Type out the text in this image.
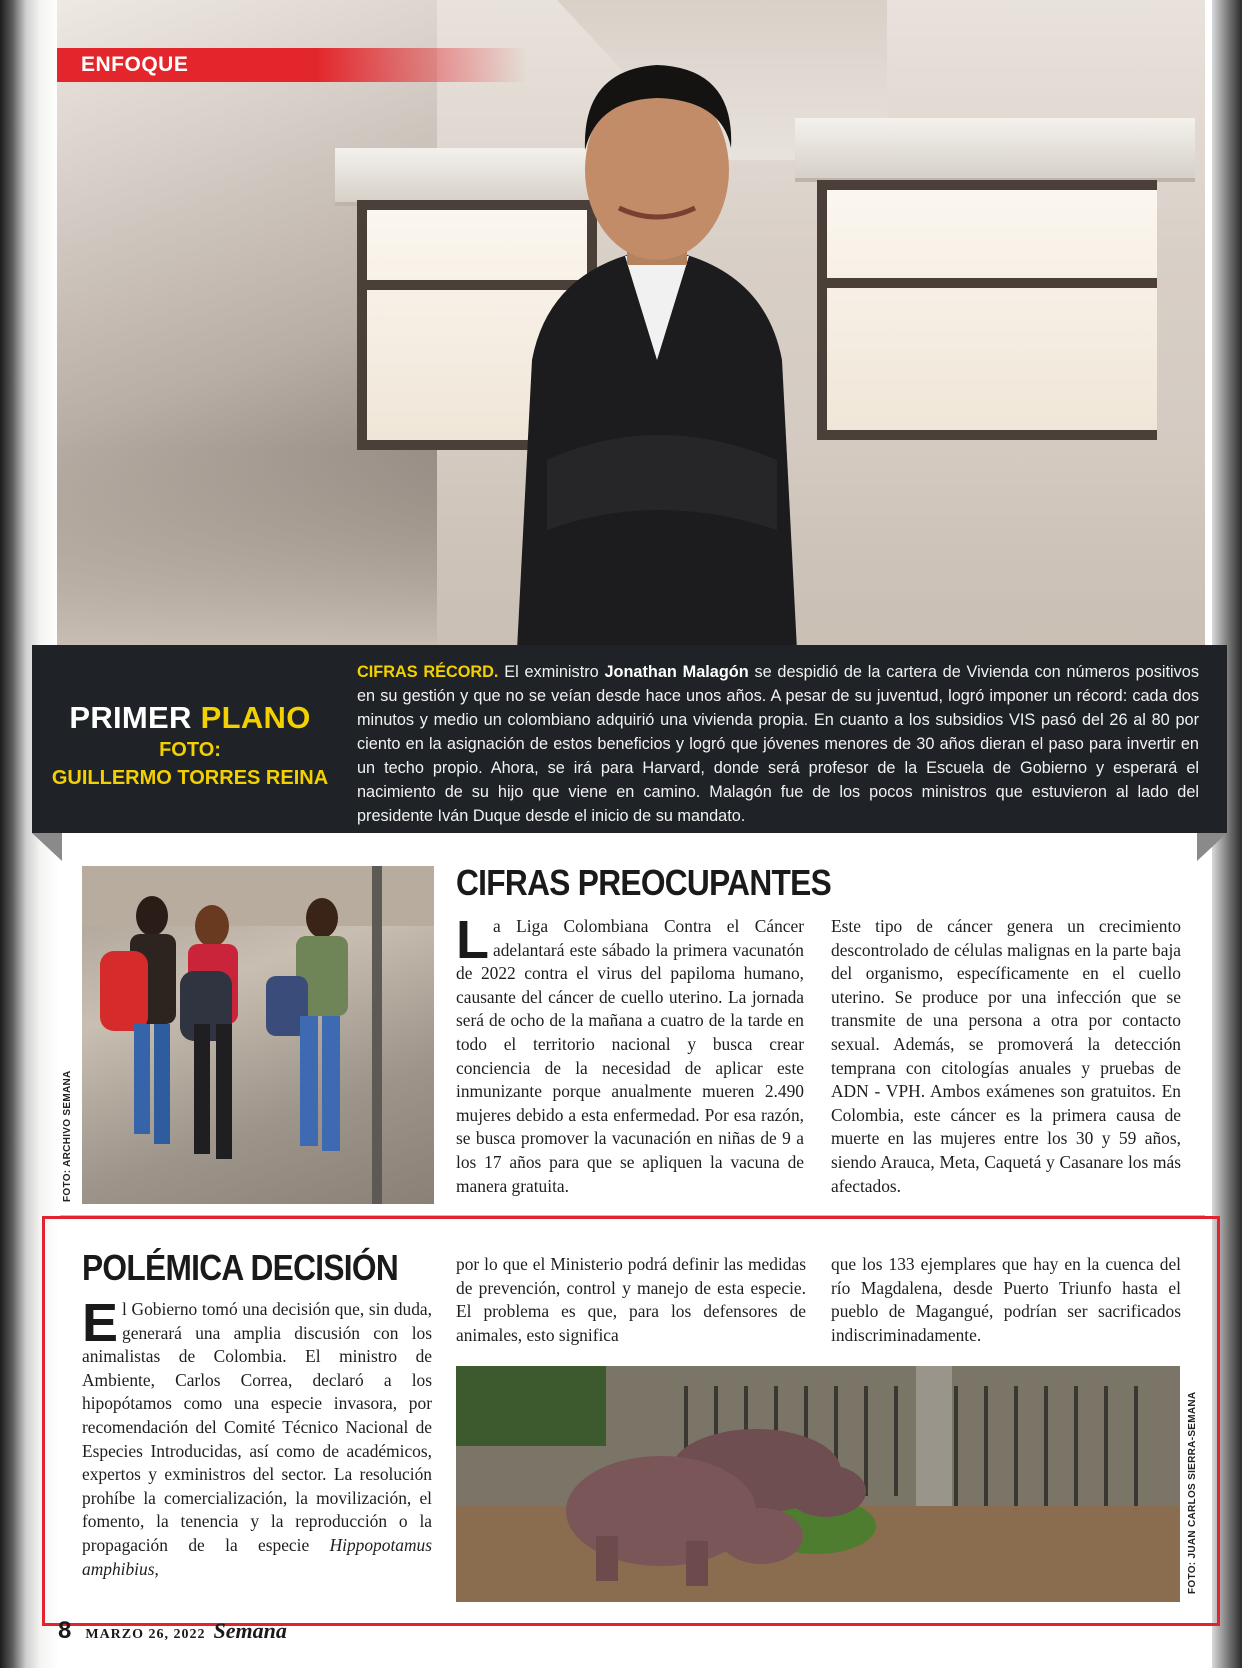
ENFOQUE
PRIMER PLANO
FOTO:
GUILLERMO TORRES REINA
CIFRAS RÉCORD. El exministro Jonathan Malagón se despidió de la cartera de Vivienda con números positivos en su gestión y que no se veían desde hace unos años. A pesar de su juventud, logró imponer un récord: cada dos minutos y medio un colombiano adquirió una vivienda propia. En cuanto a los subsidios VIS pasó del 26 al 80 por ciento en la asignación de estos beneficios y logró que jóvenes menores de 30 años dieran el paso para invertir en un techo propio. Ahora, se irá para Harvard, donde será profesor de la Escuela de Gobierno y esperará el nacimiento de su hijo que viene en camino. Malagón fue de los pocos ministros que estuvieron al lado del presidente Iván Duque desde el inicio de su mandato.
FOTO: ARCHIVO SEMANA
CIFRAS PREOCUPANTES
La Liga Colombiana Contra el Cáncer adelantará este sábado la primera vacunatón de 2022 contra el virus del papiloma humano, causante del cáncer de cuello uterino. La jornada será de ocho de la mañana a cuatro de la tarde en todo el territorio nacional y busca crear conciencia de la necesidad de aplicar este inmunizante porque anualmente mueren 2.490 mujeres debido a esta enfermedad. Por esa razón, se busca promover la vacunación en niñas de 9 a los 17 años para que se apliquen la vacuna de manera gratuita.
Este tipo de cáncer genera un crecimiento descontrolado de células malignas en la parte baja del organismo, específicamente en el cuello uterino. Se produce por una infección que se transmite de una persona a otra por contacto sexual. Además, se promoverá la detección temprana con citologías anuales y pruebas de ADN - VPH. Ambos exámenes son gratuitos. En Colombia, este cáncer es la primera causa de muerte en las mujeres entre los 30 y 59 años, siendo Arauca, Meta, Caquetá y Casanare los más afectados.
POLÉMICA DECISIÓN
El Gobierno tomó una decisión que, sin duda, generará una amplia discusión con los animalistas de Colombia. El ministro de Ambiente, Carlos Correa, declaró a los hipopótamos como una especie invasora, por recomendación del Comité Técnico Nacional de Especies Introducidas, así como de académicos, expertos y exministros del sector. La resolución prohíbe la comercialización, la movilización, el fomento, la tenencia y la reproducción o la propagación de la especie Hippopotamus amphibius,
por lo que el Ministerio podrá definir las medidas de prevención, control y manejo de esta especie. El problema es que, para los defensores de animales, esto significa
que los 133 ejemplares que hay en la cuenca del río Magdalena, desde Puerto Triunfo hasta el pueblo de Magangué, podrían ser sacrificados indiscriminadamente.
FOTO: JUAN CARLOS SIERRA-SEMANA
8 MARZO 26, 2022 Semana
